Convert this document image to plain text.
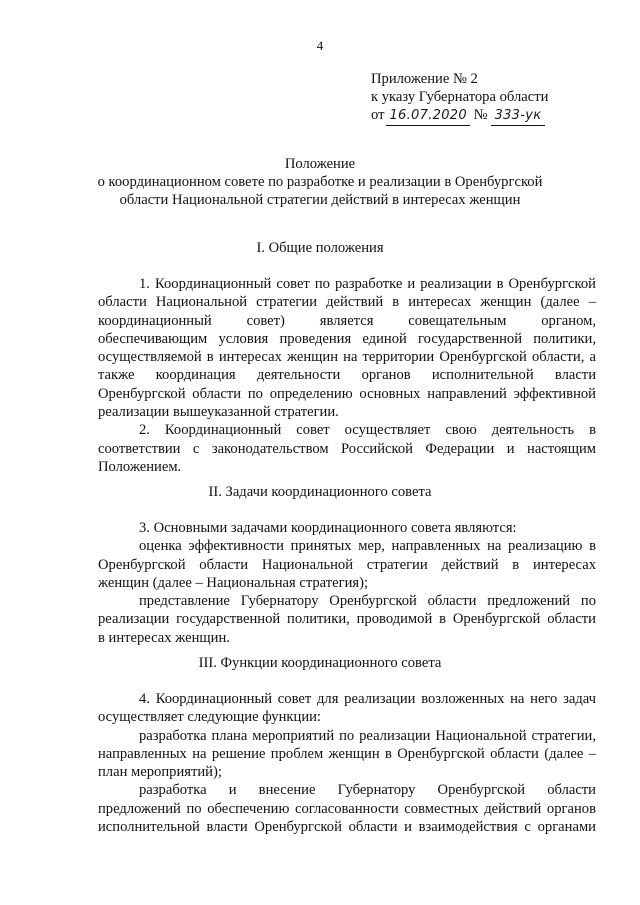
4
Приложение № 2
к указу Губернатора области
от 16.07.2020 № 333-ук
Положение
о координационном совете по разработке и реализации в Оренбургской
области Национальной стратегии действий в интересах женщин
I. Общие положения

1. Координационный совет по разработке и реализации в Оренбургской

области Национальной стратегии действий в интересах женщин (далее –
координационный совет) является совещательным органом,
обеспечивающим условия проведения единой государственной политики,
осуществляемой в интересах женщин на территории Оренбургской области, а
также координация деятельности органов исполнительной власти
Оренбургской области по определению основных направлений эффективной
реализации вышеуказанной стратегии.

2. Координационный совет осуществляет свою деятельность в

соответствии с законодательством Российской Федерации и настоящим
Положением.
II. Задачи координационного совета

3. Основными задачами координационного совета являются:

оценка эффективности принятых мер, направленных на реализацию в

Оренбургской области Национальной стратегии действий в интересах
женщин (далее – Национальная стратегия);

представление Губернатору Оренбургской области предложений по

реализации государственной политики, проводимой в Оренбургской области
в интересах женщин.
III. Функции координационного совета

4. Координационный совет для реализации возложенных на него задач

осуществляет следующие функции:

разработка плана мероприятий по реализации Национальной стратегии,

направленных на решение проблем женщин в Оренбургской области (далее –
план мероприятий);

разработка и внесение Губернатору Оренбургской области

предложений по обеспечению согласованности совместных действий органов
исполнительной власти Оренбургской области и взаимодействия с органами
